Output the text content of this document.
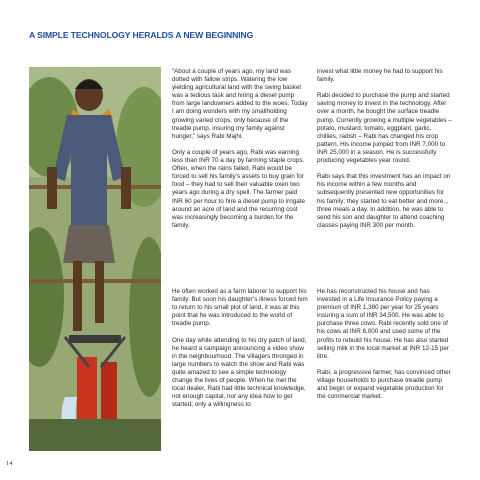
A SIMPLE TECHNOLOGY HERALDS A NEW BEGINNING

“About a couple of years ago, my land was dotted with fallow strips. Watering the low yielding agricultural land with the swing basket was a tedious task and hiring a diesel pump from large landowners added to the woes. Today I am doing wonders with my smallholding growing varied crops, only because of the treadle pump, insuring my family against hunger,” says Rabi Majhi.

Only a couple of years ago, Rabi was earning less than INR 70 a day by farming staple crops. Often, when the rains failed, Rabi would be forced to sell his family’s assets to buy grain for food – they had to sell their valuable oxen two years ago during a dry spell. The farmer paid INR 60 per hour to hire a diesel pump to irrigate around an acre of land and the recurring cost was increasingly becoming a burden for the family.

invest what little money he had to support his family.

Rabi decided to purchase the pump and started saving money to invest in the technology. After over a month, he bought the surface treadle pump. Currently growing a multiple vegetables – potato, mustard, tomato, eggplant, garlic, chillies, radish – Rabi has changed his crop pattern. His income jumped from INR 7,000 to INR 25,000 in a season. He is successfully producing vegetables year round.

Rabi says that this investment has an impact on his income within a few months and subsequently presented new opportunities for his family; they started to eat better and more... three meals a day. In addition, he was able to send his son and daughter to attend coaching classes paying INR 300 per month.

He often worked as a farm laborer to support his family. But soon his daughter’s illness forced him to return to his small plot of land, it was at this point that he was introduced to the world of treadle pump.

One day while attending to his dry patch of land, he heard a campaign announcing a video show in the neighbourhood. The villagers thronged in large numbers to watch the show and Rabi was quite amazed to see a simple technology change the lives of people. When he met the local dealer, Rabi had little technical knowledge, not enough capital, nor any idea how to get started; only a willingness to

He has reconstructed his house and has invested in a Life Insurance Policy paying a premium of INR 1,380 per year for 25 years insuring a sum of INR 34,500. He was able to purchase three cows. Rabi recently sold one of his cows at INR 8,000 and used some of the profits to rebuild his house. He has also started selling milk in the local market at INR 12-15 per litre.

Rabi, a progressive farmer, has convinced other village households to purchase treadle pump and begin or expand vegetable production for the commercial market.

14
